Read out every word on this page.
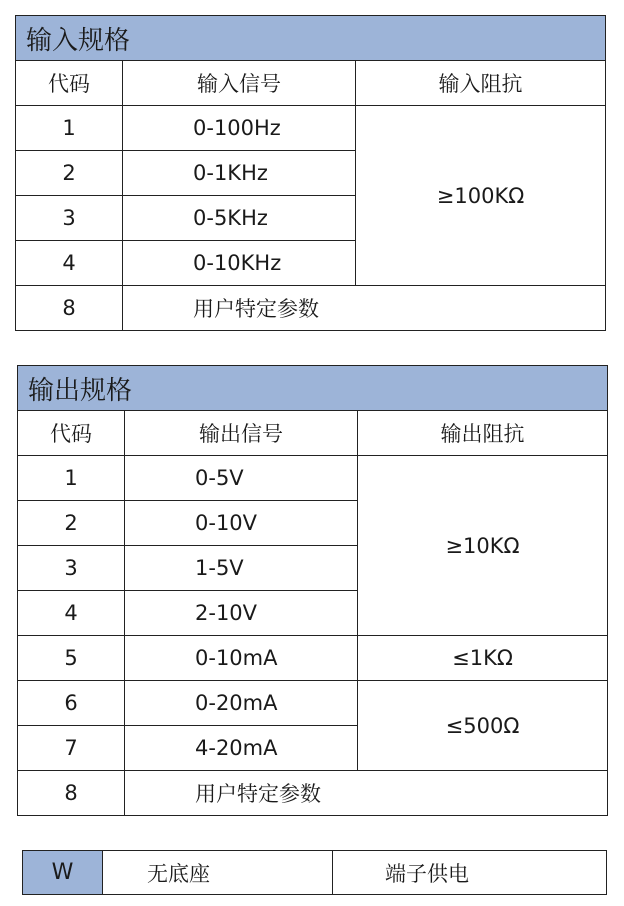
输入规格		
代码	输入信号	输入阻抗
1	0-100Hz	≥100KΩ
2	0-1KHz	
3	0-5KHz	
4	0-10KHz	
8	用户特定参数	
输出规格		
代码	输出信号	输出阻抗
1	0-5V	≥10KΩ
2	0-10V	
3	1-5V	
4	2-10V	
5	0-10mA	≤1KΩ
6	0-20mA	≤500Ω
7	4-20mA	
8	用户特定参数	
W	无底座	端子供电
